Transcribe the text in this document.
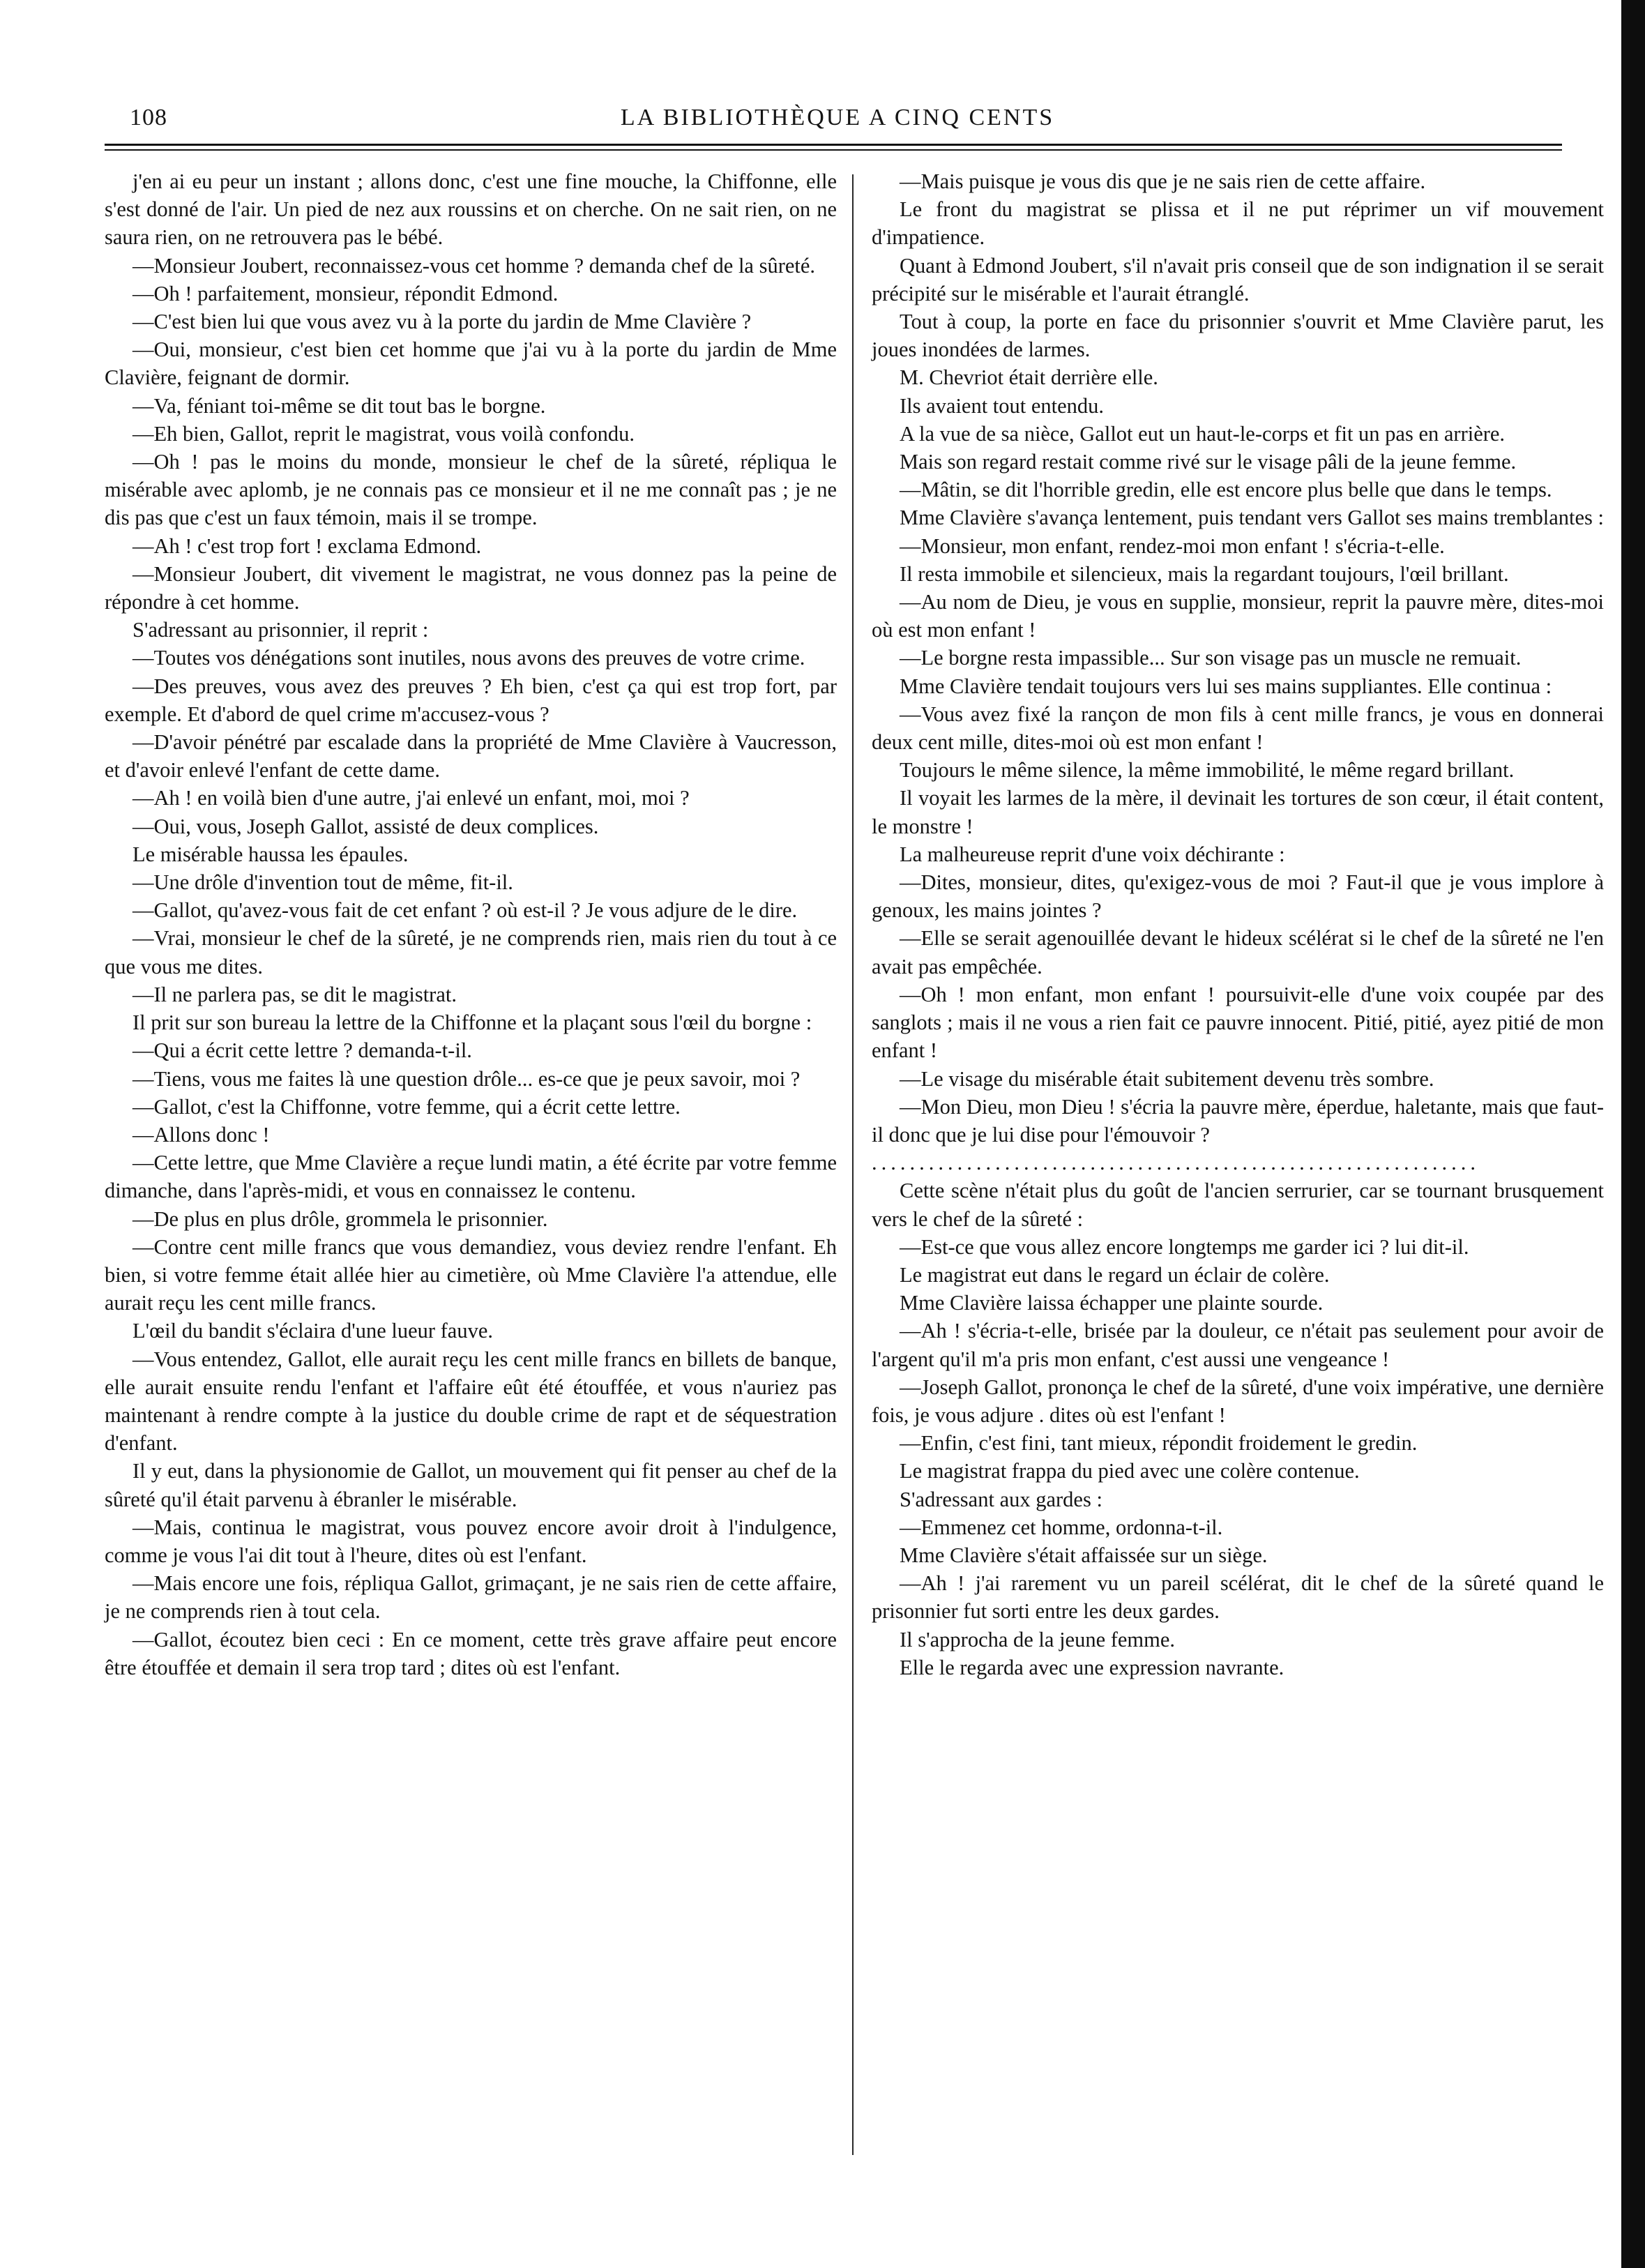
108	LA BIBLIOTHÈQUE A CINQ CENTS

j'en ai eu peur un instant ; allons donc, c'est une fine mouche, la Chiffonne, elle s'est donné de l'air. Un pied de nez aux roussins et on cherche. On ne sait rien, on ne saura rien, on ne retrouvera pas le bébé.

—Monsieur Joubert, reconnaissez-vous cet homme ? demanda chef de la sûreté.

—Oh ! parfaitement, monsieur, répondit Edmond.

—C'est bien lui que vous avez vu à la porte du jardin de Mme Clavière ?

—Oui, monsieur, c'est bien cet homme que j'ai vu à la porte du jardin de Mme Clavière, feignant de dormir.

—Va, féniant toi-même se dit tout bas le borgne.

—Eh bien, Gallot, reprit le magistrat, vous voilà confondu.

—Oh ! pas le moins du monde, monsieur le chef de la sûreté, répliqua le misérable avec aplomb, je ne connais pas ce monsieur et il ne me connaît pas ; je ne dis pas que c'est un faux témoin, mais il se trompe.

—Ah ! c'est trop fort ! exclama Edmond.

—Monsieur Joubert, dit vivement le magistrat, ne vous donnez pas la peine de répondre à cet homme.

S'adressant au prisonnier, il reprit :

—Toutes vos dénégations sont inutiles, nous avons des preuves de votre crime.

—Des preuves, vous avez des preuves ? Eh bien, c'est ça qui est trop fort, par exemple. Et d'abord de quel crime m'accusez-vous ?

—D'avoir pénétré par escalade dans la propriété de Mme Clavière à Vaucresson, et d'avoir enlevé l'enfant de cette dame.

—Ah ! en voilà bien d'une autre, j'ai enlevé un enfant, moi, moi ?

—Oui, vous, Joseph Gallot, assisté de deux complices.

Le misérable haussa les épaules.

—Une drôle d'invention tout de même, fit-il.

—Gallot, qu'avez-vous fait de cet enfant ? où est-il ? Je vous adjure de le dire.

—Vrai, monsieur le chef de la sûreté, je ne comprends rien, mais rien du tout à ce que vous me dites.

—Il ne parlera pas, se dit le magistrat.

Il prit sur son bureau la lettre de la Chiffonne et la plaçant sous l'œil du borgne :

—Qui a écrit cette lettre ? demanda-t-il.

—Tiens, vous me faites là une question drôle... es-ce que je peux savoir, moi ?

—Gallot, c'est la Chiffonne, votre femme, qui a écrit cette lettre.

—Allons donc !

—Cette lettre, que Mme Clavière a reçue lundi matin, a été écrite par votre femme dimanche, dans l'après-midi, et vous en connaissez le contenu.

—De plus en plus drôle, grommela le prisonnier.

—Contre cent mille francs que vous demandiez, vous deviez rendre l'enfant. Eh bien, si votre femme était allée hier au cimetière, où Mme Clavière l'a attendue, elle aurait reçu les cent mille francs.

L'œil du bandit s'éclaira d'une lueur fauve.

—Vous entendez, Gallot, elle aurait reçu les cent mille francs en billets de banque, elle aurait ensuite rendu l'enfant et l'affaire eût été étouffée, et vous n'auriez pas maintenant à rendre compte à la justice du double crime de rapt et de séquestration d'enfant.

Il y eut, dans la physionomie de Gallot, un mouvement qui fit penser au chef de la sûreté qu'il était parvenu à ébranler le misérable.

—Mais, continua le magistrat, vous pouvez encore avoir droit à l'indulgence, comme je vous l'ai dit tout à l'heure, dites où est l'enfant.

—Mais encore une fois, répliqua Gallot, grimaçant, je ne sais rien de cette affaire, je ne comprends rien à tout cela.

—Gallot, écoutez bien ceci : En ce moment, cette très grave affaire peut encore être étouffée et demain il sera trop tard ; dites où est l'enfant.

—Mais puisque je vous dis que je ne sais rien de cette affaire.

Le front du magistrat se plissa et il ne put réprimer un vif mouvement d'impatience.

Quant à Edmond Joubert, s'il n'avait pris conseil que de son indignation il se serait précipité sur le misérable et l'aurait étranglé.

Tout à coup, la porte en face du prisonnier s'ouvrit et Mme Clavière parut, les joues inondées de larmes.

M. Chevriot était derrière elle.

Ils avaient tout entendu.

A la vue de sa nièce, Gallot eut un haut-le-corps et fit un pas en arrière.

Mais son regard restait comme rivé sur le visage pâli de la jeune femme.

—Mâtin, se dit l'horrible gredin, elle est encore plus belle que dans le temps.

Mme Clavière s'avança lentement, puis tendant vers Gallot ses mains tremblantes :

—Monsieur, mon enfant, rendez-moi mon enfant ! s'écria-t-elle.

Il resta immobile et silencieux, mais la regardant toujours, l'œil brillant.

—Au nom de Dieu, je vous en supplie, monsieur, reprit la pauvre mère, dites-moi où est mon enfant !

—Le borgne resta impassible... Sur son visage pas un muscle ne remuait.

Mme Clavière tendait toujours vers lui ses mains suppliantes. Elle continua :

—Vous avez fixé la rançon de mon fils à cent mille francs, je vous en donnerai deux cent mille, dites-moi où est mon enfant !

Toujours le même silence, la même immobilité, le même regard brillant.

Il voyait les larmes de la mère, il devinait les tortures de son cœur, il était content, le monstre !

La malheureuse reprit d'une voix déchirante :

—Dites, monsieur, dites, qu'exigez-vous de moi ? Faut-il que je vous implore à genoux, les mains jointes ?

—Elle se serait agenouillée devant le hideux scélérat si le chef de la sûreté ne l'en avait pas empêchée.

—Oh ! mon enfant, mon enfant ! poursuivit-elle d'une voix coupée par des sanglots ; mais il ne vous a rien fait ce pauvre innocent. Pitié, pitié, ayez pitié de mon enfant !

—Le visage du misérable était subitement devenu très sombre.

—Mon Dieu, mon Dieu ! s'écria la pauvre mère, éperdue, haletante, mais que faut-il donc que je lui dise pour l'émouvoir ?

................................................................

Cette scène n'était plus du goût de l'ancien serrurier, car se tournant brusquement vers le chef de la sûreté :

—Est-ce que vous allez encore longtemps me garder ici ? lui dit-il.

Le magistrat eut dans le regard un éclair de colère.

Mme Clavière laissa échapper une plainte sourde.

—Ah ! s'écria-t-elle, brisée par la douleur, ce n'était pas seulement pour avoir de l'argent qu'il m'a pris mon enfant, c'est aussi une vengeance !

—Joseph Gallot, prononça le chef de la sûreté, d'une voix impérative, une dernière fois, je vous adjure . dites où est l'enfant !

—Enfin, c'est fini, tant mieux, répondit froidement le gredin.

Le magistrat frappa du pied avec une colère contenue.

S'adressant aux gardes :

—Emmenez cet homme, ordonna-t-il.

Mme Clavière s'était affaissée sur un siège.

—Ah ! j'ai rarement vu un pareil scélérat, dit le chef de la sûreté quand le prisonnier fut sorti entre les deux gardes.

Il s'approcha de la jeune femme.

Elle le regarda avec une expression navrante.
